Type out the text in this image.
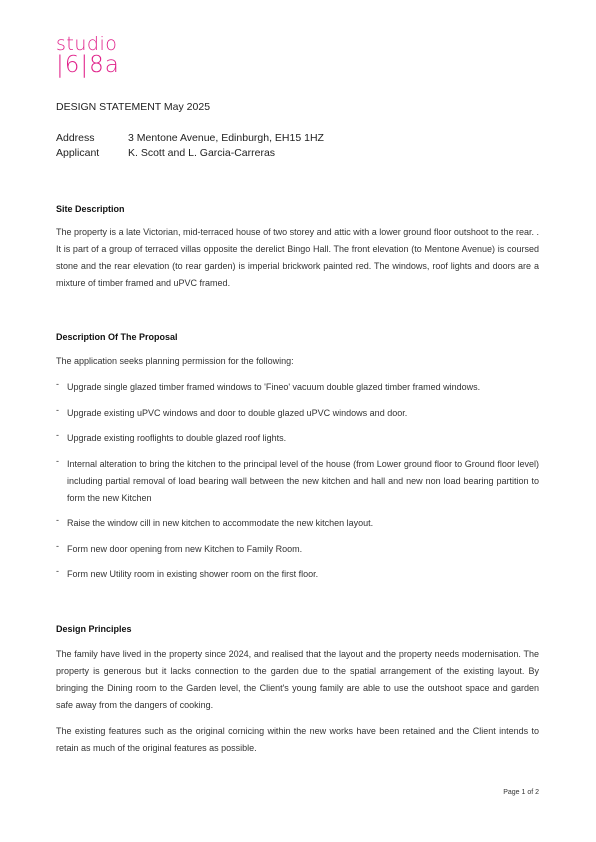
studio
|6|8a
DESIGN STATEMENT May 2025
Address	3 Mentone Avenue, Edinburgh, EH15 1HZ
Applicant	K. Scott and L. Garcia-Carreras
Site Description
The property is a late Victorian, mid-terraced house of two storey and attic with a lower ground floor outshoot to the rear. . It is part of a group of terraced villas opposite the derelict Bingo Hall. The front elevation (to Mentone Avenue) is coursed stone and the rear elevation (to rear garden) is imperial brickwork painted red. The windows, roof lights and doors are a mixture of timber framed and uPVC framed.
Description Of The Proposal
The application seeks planning permission for the following:
- Upgrade single glazed timber framed windows to 'Fineo' vacuum double glazed timber framed windows.
- Upgrade existing uPVC windows and door to double glazed uPVC windows and door.
- Upgrade existing rooflights to double glazed roof lights.
- Internal alteration to bring the kitchen to the principal level of the house (from Lower ground floor to Ground floor level) including partial removal of load bearing wall between the new kitchen and hall and new non load bearing partition to form the new Kitchen
- Raise the window cill in new kitchen to accommodate the new kitchen layout.
- Form new door opening from new Kitchen to Family Room.
- Form new Utility room in existing shower room on the first floor.
Design Principles
The family have lived in the property since 2024, and realised that the layout and the property needs modernisation. The property is generous but it lacks connection to the garden due to the spatial arrangement of the existing layout. By bringing the Dining room to the Garden level, the Client's young family are able to use the outshoot space and garden safe away from the dangers of cooking.
The existing features such as the original cornicing within the new works have been retained and the Client intends to retain as much of the original features as possible.
Page 1 of 2
